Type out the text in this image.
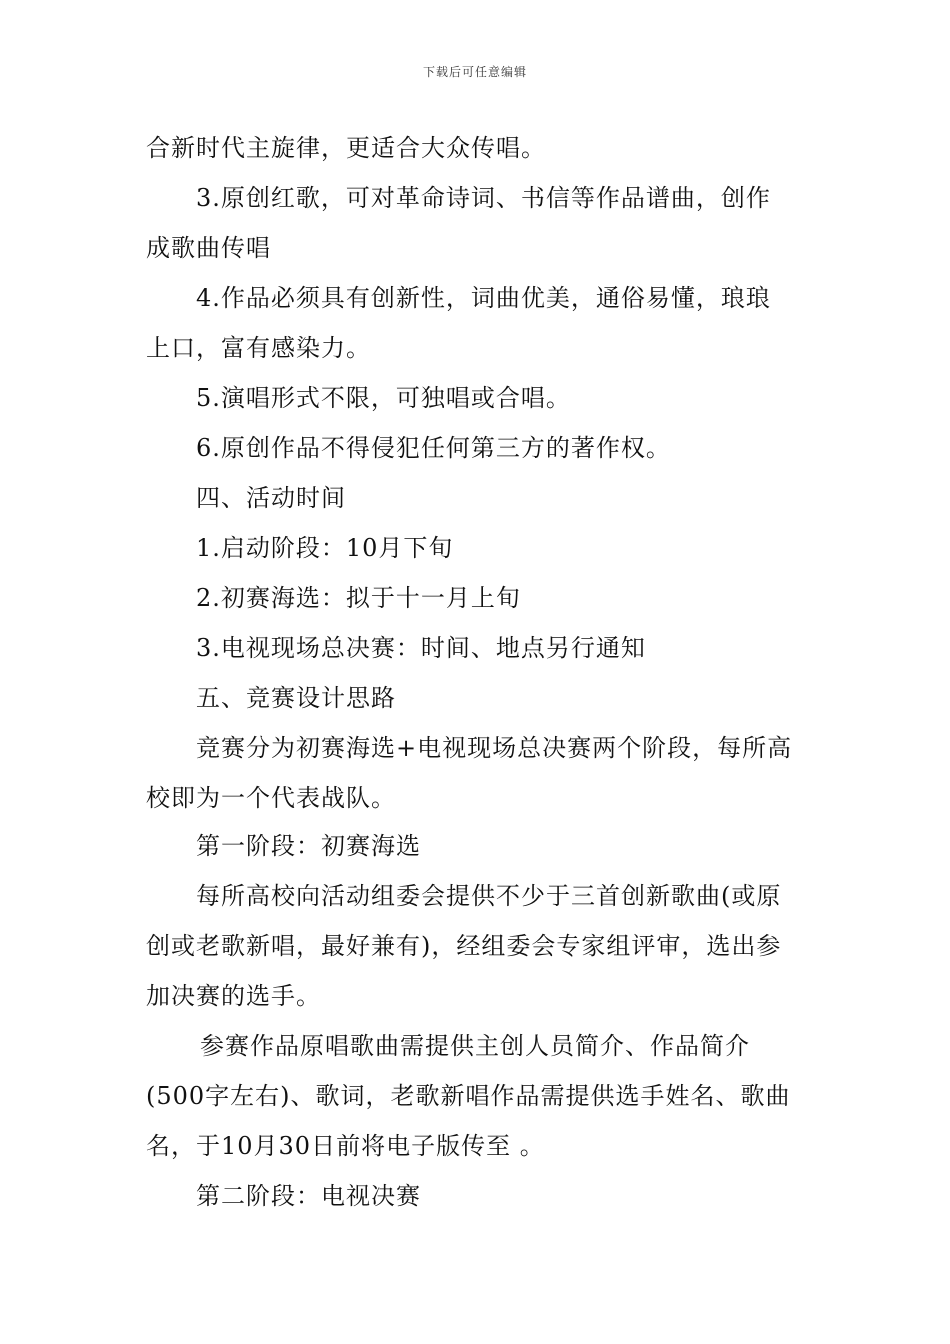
下载后可任意编辑
合新时代主旋律，更适合大众传唱。
3.原创红歌，可对革命诗词、书信等作品谱曲，创作
成歌曲传唱
4.作品必须具有创新性，词曲优美，通俗易懂，琅琅
上口，富有感染力。
5.演唱形式不限，可独唱或合唱。
6.原创作品不得侵犯任何第三方的著作权。
四、活动时间
1.启动阶段：10月下旬
2.初赛海选：拟于十一月上旬
3.电视现场总决赛：时间、地点另行通知
五、竞赛设计思路
竞赛分为初赛海选+电视现场总决赛两个阶段，每所高
校即为一个代表战队。
第一阶段：初赛海选
每所高校向活动组委会提供不少于三首创新歌曲(或原
创或老歌新唱，最好兼有)，经组委会专家组评审，选出参
加决赛的选手。
参赛作品原唱歌曲需提供主创人员简介、作品简介
(500字左右)、歌词，老歌新唱作品需提供选手姓名、歌曲
名，于10月30日前将电子版传至 。
第二阶段：电视决赛
